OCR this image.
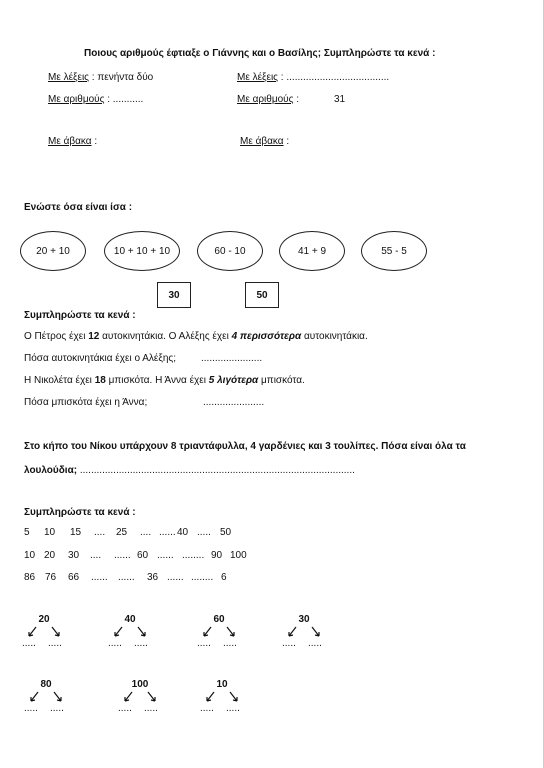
Ποιους αριθμούς έφτιαξε ο Γιάννης και ο Βασίλης; Συμπληρώστε τα κενά :
Με λέξεις : πενήντα δύο
Με αριθμούς : ...........
Με άβακα :
Με λέξεις : .....................................
Με αριθμούς :	31
Με άβακα :
Ενώστε όσα είναι ίσα :
20 + 10	10 + 10 + 10	60 - 10	41 + 9	55 - 5
30	50
Συμπληρώστε τα κενά :
Ο Πέτρος έχει 12 αυτοκινητάκια. Ο Αλέξης έχει 4 περισσότερα αυτοκινητάκια.
Πόσα αυτοκινητάκια έχει ο Αλέξης; ......................
Η Νικολέτα έχει 18 μπισκότα. Η Άννα έχει 5 λιγότερα μπισκότα.
Πόσα μπισκότα έχει η Άννα;	......................
Στο κήπο του Νίκου υπάρχουν 8 τριαντάφυλλα, 4 γαρδένιες και 3 τουλίπες. Πόσα είναι όλα τα
λουλούδια; ...................................................................................................
Συμπληρώστε τα κενά :
5 10 15 .... 25 .... ...... 40 ..... 50
10 20 30 .... ...... 60 ...... ........ 90 100
86 76 66 ...... ...... 36 ...... ........ 6
20
..... .....
40
..... .....
60
..... .....
30
..... .....
80
..... .....
100
..... .....
10
..... .....
